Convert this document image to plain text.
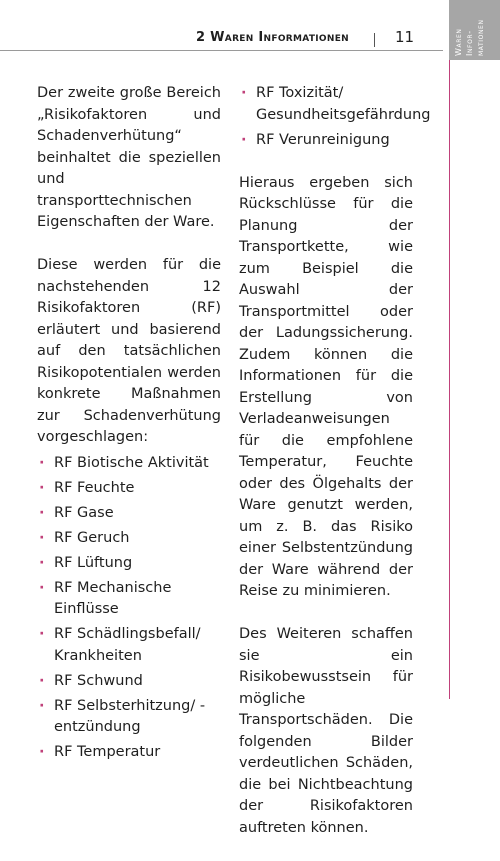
2 Waren Informationen	11	Waren
Infor-
mationen

Der zweite große Bereich „Risikofaktoren und Schadenverhütung“ beinhaltet die speziellen und transporttechnischen Eigenschaften der Ware.

Diese werden für die nachstehenden 12 Risikofaktoren (RF) erläutert und basierend auf den tatsächlichen Risikopotentialen werden konkrete Maßnahmen zur Schadenverhütung vorgeschlagen:

· RF Biotische Aktivität
· RF Feuchte
· RF Gase
· RF Geruch
· RF Lüftung
· RF Mechanische Einflüsse
· RF Schädlingsbefall/ Krankheiten
· RF Schwund
· RF Selbsterhitzung/ -entzündung
· RF Temperatur
· RF Toxizität/ Gesundheitsgefährdung
· RF Verunreinigung

Hieraus ergeben sich Rückschlüsse für die Planung der Transportkette, wie zum Beispiel die Auswahl der Transportmittel oder der Ladungssicherung. Zudem können die Informationen für die Erstellung von Verladeanweisungen für die empfohlene Temperatur, Feuchte oder des Ölgehalts der Ware genutzt werden, um z. B. das Risiko einer Selbstentzündung der Ware während der Reise zu minimieren.

Des Weiteren schaffen sie ein Risikobewusstsein für mögliche Transportschäden. Die folgenden Bilder verdeutlichen Schäden, die bei Nichtbeachtung der Risikofaktoren auftreten können.
